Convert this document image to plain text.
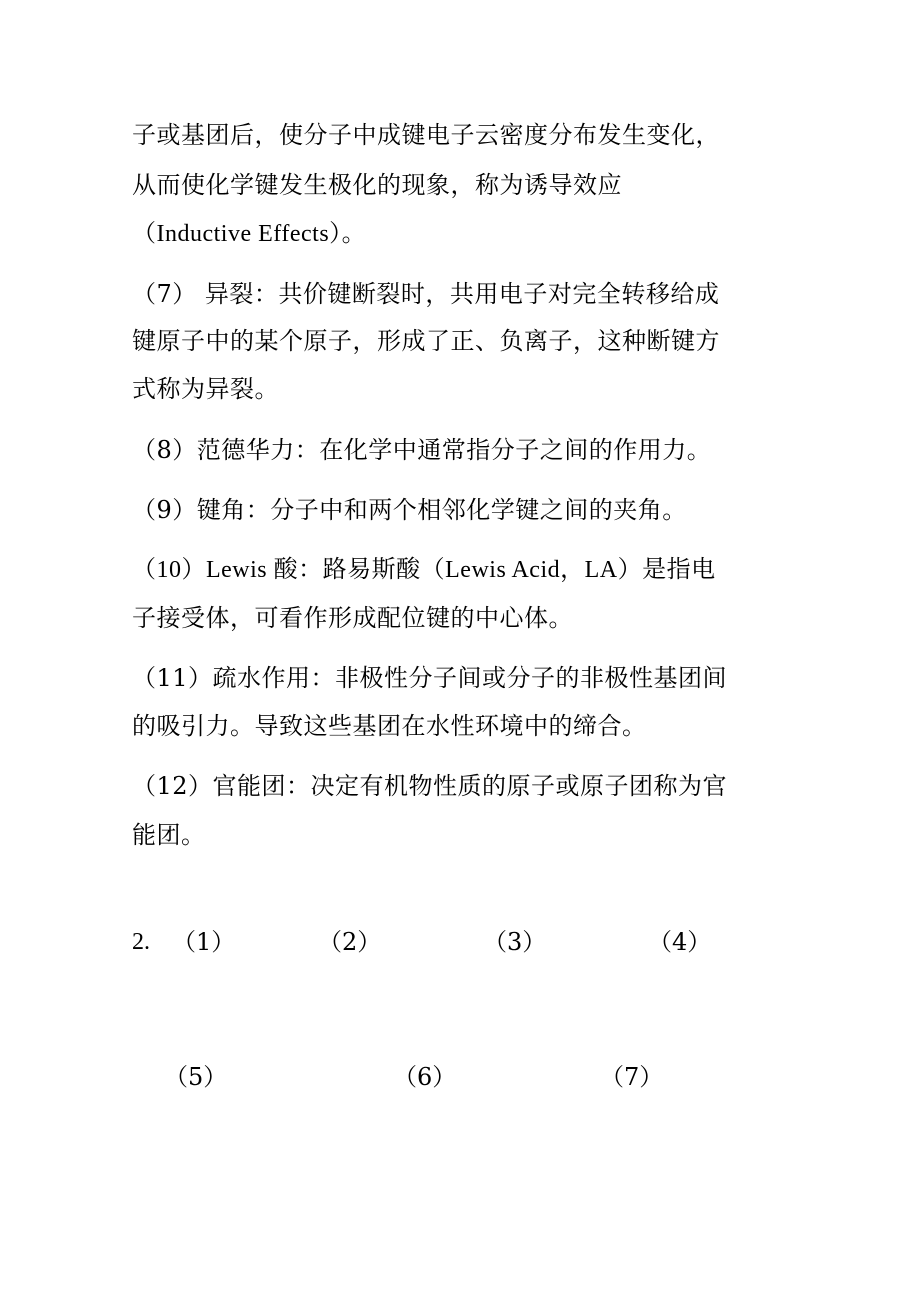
子或基团后，使分子中成键电子云密度分布发生变化，
从而使化学键发生极化的现象，称为诱导效应
（Inductive Effects）。
（7） 异裂：共价键断裂时，共用电子对完全转移给成
键原子中的某个原子，形成了正、负离子，这种断键方
式称为异裂。
（8）范德华力：在化学中通常指分子之间的作用力。
（9）键角：分子中和两个相邻化学键之间的夹角。
（10）Lewis 酸：路易斯酸（Lewis Acid，LA）是指电
子接受体，可看作形成配位键的中心体。
（11）疏水作用：非极性分子间或分子的非极性基团间
的吸引力。导致这些基团在水性环境中的缔合。
（12）官能团：决定有机物性质的原子或原子团称为官
能团。
2. （1）	（2）	（3）	（4）
（5）	（6）	（7）
